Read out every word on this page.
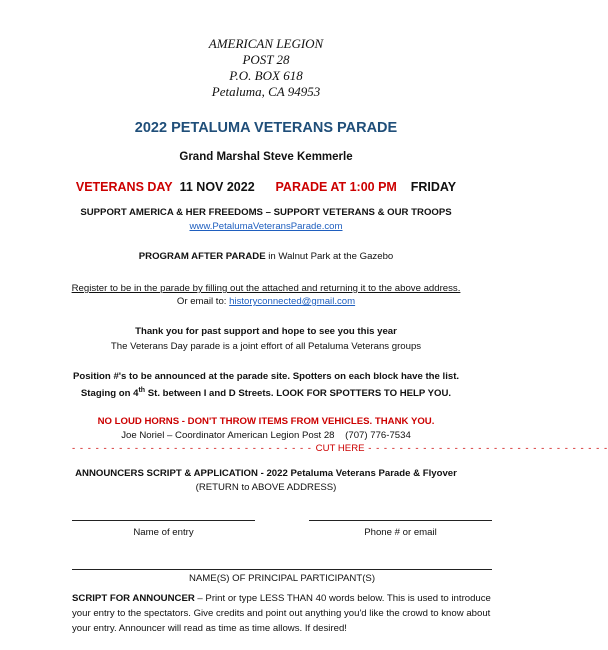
AMERICAN LEGION
POST 28
P.O. BOX 618
Petaluma, CA 94953
2022 PETALUMA VETERANS PARADE
Grand Marshal Steve Kemmerle
VETERANS DAY 11 NOV 2022 PARADE AT 1:00 PM FRIDAY
SUPPORT AMERICA & HER FREEDOMS – SUPPORT VETERANS & OUR TROOPS
www.PetalumaVeteransParade.com
PROGRAM AFTER PARADE in Walnut Park at the Gazebo
Register to be in the parade by filling out the attached and returning it to the above address.
Or email to: historyconnected@gmail.com
Thank you for past support and hope to see you this year
The Veterans Day parade is a joint effort of all Petaluma Veterans groups
Position #'s to be announced at the parade site. Spotters on each block have the list.
Staging on 4th St. between I and D Streets. LOOK FOR SPOTTERS TO HELP YOU.
NO LOUD HORNS - DON'T THROW ITEMS FROM VEHICLES. THANK YOU.
Joe Noriel – Coordinator American Legion Post 28    (707) 776-7534
- - - - - - - - - - - - - - - - - - - - - - - - - - - - - - - CUT HERE - - - - - - - - - - - - - - - - - - - - - - - - - - - - - - -
ANNOUNCERS SCRIPT & APPLICATION - 2022 Petaluma Veterans Parade & Flyover
(RETURN to ABOVE ADDRESS)
Name of entry	Phone # or email
NAME(S) OF PRINCIPAL PARTICIPANT(S)
SCRIPT FOR ANNOUNCER – Print or type LESS THAN 40 words below. This is used to introduce your entry to the spectators. Give credits and point out anything you'd like the crowd to know about your entry. Announcer will read as time as time allows. If desired!
